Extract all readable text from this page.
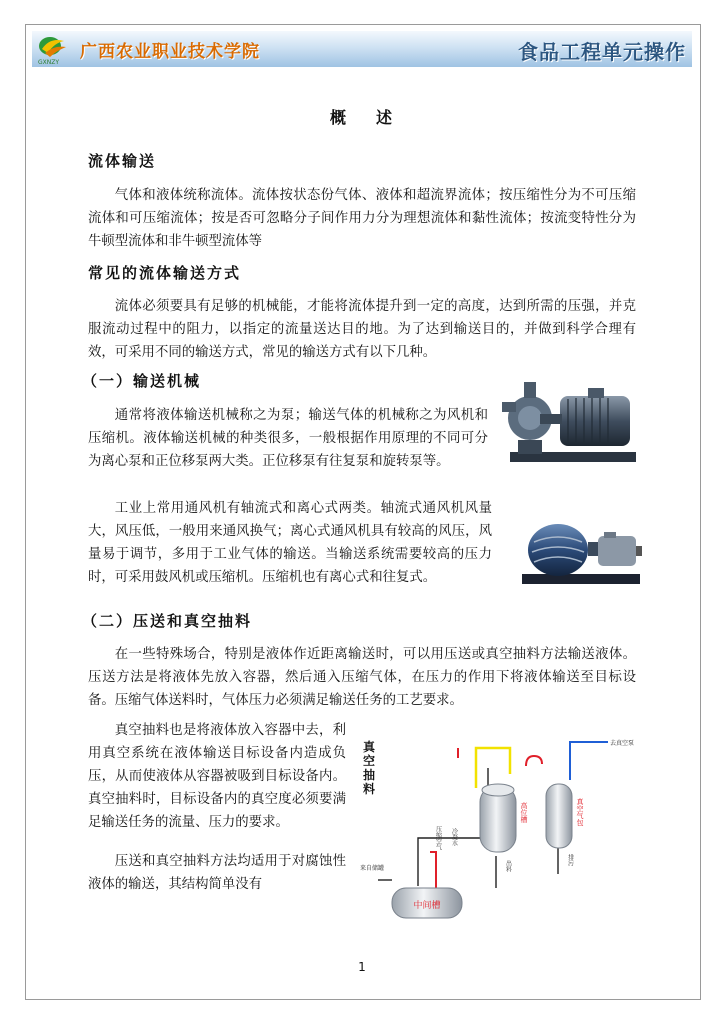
GXNZY
广西农业职业技术学院	食品工程单元操作
概述
流体输送

气体和液体统称流体。流体按状态份气体、液体和超流界流体；按压缩性分为不可压缩流体和可压缩流体；按是否可忽略分子间作用力分为理想流体和黏性流体；按流变特性分为牛顿型流体和非牛顿型流体等

常见的流体输送方式

流体必须要具有足够的机械能，才能将流体提升到一定的高度，达到所需的压强，并克服流动过程中的阻力，以指定的流量送达目的地。为了达到输送目的，并做到科学合理有效，可采用不同的输送方式，常见的输送方式有以下几种。

（一）输送机械

通常将液体输送机械称之为泵；输送气体的机械称之为风机和压缩机。液体输送机械的种类很多，一般根据作用原理的不同可分为离心泵和正位移泵两大类。正位移泵有往复泵和旋转泵等。

工业上常用通风机有轴流式和离心式两类。轴流式通风机风量大，风压低，一般用来通风换气；离心式通风机具有较高的风压，风量易于调节，多用于工业气体的输送。当输送系统需要较高的压力时，可采用鼓风机或压缩机。压缩机也有离心式和往复式。

（二）压送和真空抽料

在一些特殊场合，特别是液体作近距离输送时，可以用压送或真空抽料方法输送液体。压送方法是将液体先放入容器，然后通入压缩气体，在压力的作用下将液体输送至目标设备。压缩气体送料时，气体压力必须满足输送任务的工艺要求。

真空抽料也是将液体放入容器中去，利用真空系统在液体输送目标设备内造成负压，从而使液体从容器被吸到目标设备内。真空抽料时，目标设备内的真空度必须要满足输送任务的流量、压力的要求。

压送和真空抽料方法均适用于对腐蚀性液体的输送，其结构简单没有

真空抽料
中间槽
去真空泵
来自储罐
高位槽	真空气包
冷凝水
出料	排污
压缩空气
1
